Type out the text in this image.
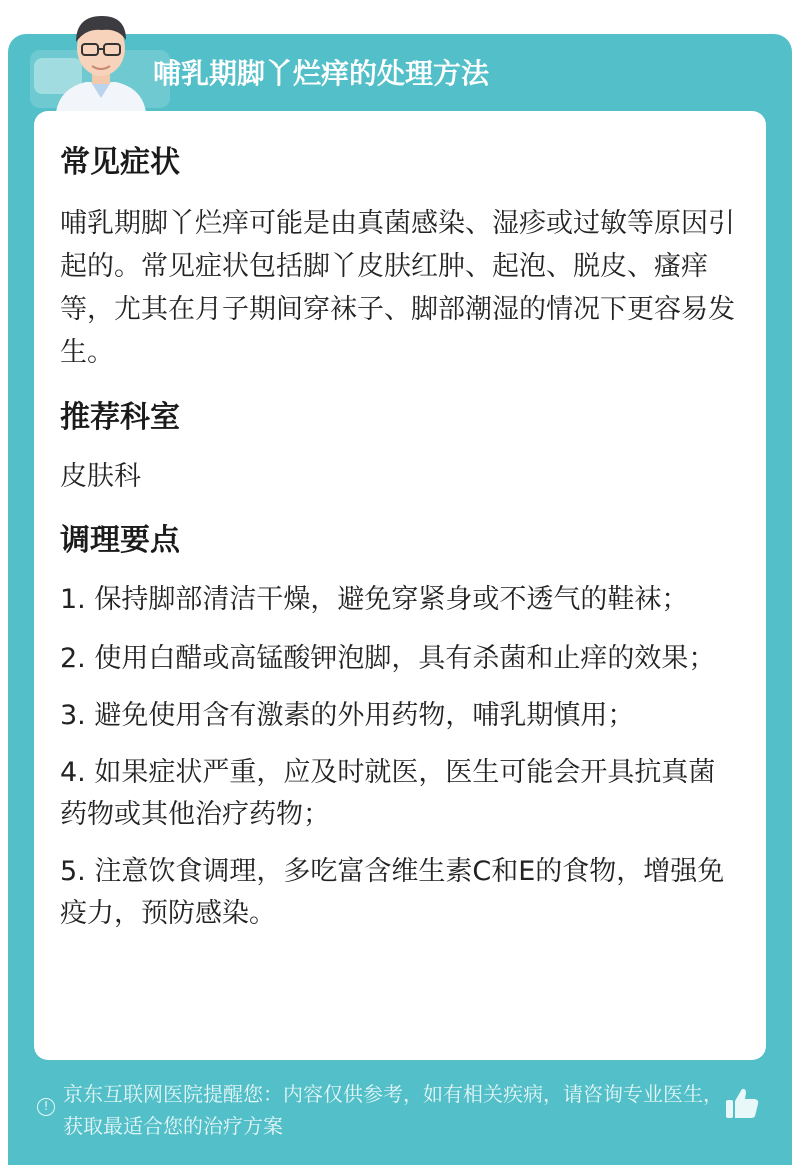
哺乳期脚丫烂痒的处理方法
常见症状

哺乳期脚丫烂痒可能是由真菌感染、湿疹或过敏等原因引起的。常见症状包括脚丫皮肤红肿、起泡、脱皮、瘙痒等，尤其在月子期间穿袜子、脚部潮湿的情况下更容易发生。

推荐科室

皮肤科

调理要点

1. 保持脚部清洁干燥，避免穿紧身或不透气的鞋袜；

2. 使用白醋或高锰酸钾泡脚，具有杀菌和止痒的效果；

3. 避免使用含有激素的外用药物，哺乳期慎用；

4. 如果症状严重，应及时就医，医生可能会开具抗真菌药物或其他治疗药物；

5. 注意饮食调理，多吃富含维生素C和E的食物，增强免疫力，预防感染。

! 京东互联网医院提醒您：内容仅供参考，如有相关疾病，请咨询专业医生，获取最适合您的治疗方案
